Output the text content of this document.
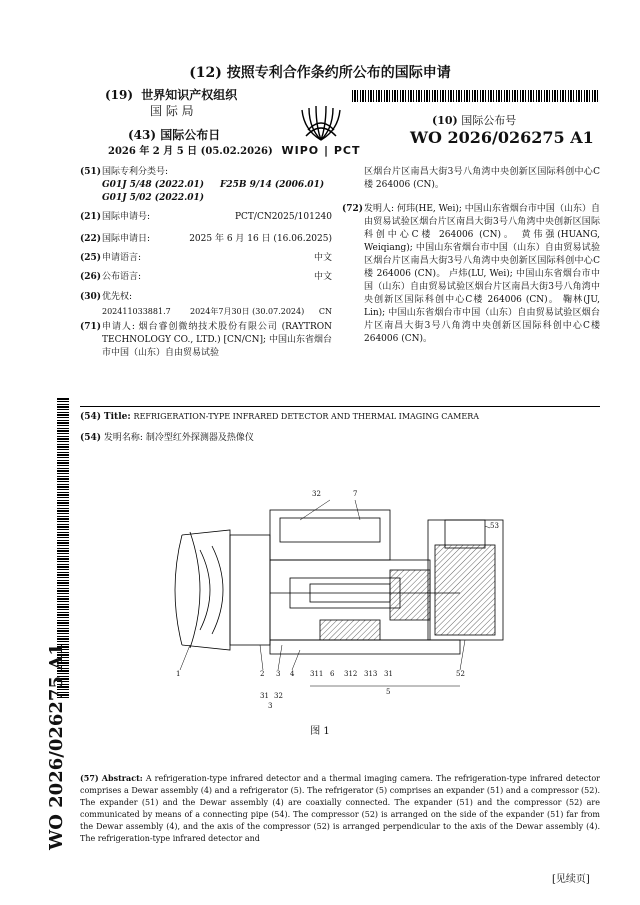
(12) 按照专利合作条约所公布的国际申请
(19) 世界知识产权组织
国 际 局
(43) 国际公布日
2026 年 2 月 5 日 (05.02.2026) WIPO | PCT
(10) 国际公布号
WO 2026/026275 A1
(51) 国际专利分类号:
G01J 5/48 (2022.01) F25B 9/14 (2006.01)
G01J 5/02 (2022.01)
(21) 国际申请号:	PCT/CN2025/101240
(22) 国际申请日:	2025 年 6 月 16 日 (16.06.2025)
(25) 申请语言:	中文
(26) 公布语言:	中文
(30) 优先权:
202411033881.7 2024年7月30日 (30.07.2024) CN
(71) 申请人: 烟台睿创微纳技术股份有限公司 (RAYTRON TECHNOLOGY CO., LTD.) [CN/CN]; 中国山东省烟台市中国（山东）自由贸易试验
区烟台片区南昌大街3号八角湾中央创新区国际科创中心C楼 264006 (CN)。
(72) 发明人: 何玮(HE, Wei); 中国山东省烟台市中国（山东）自由贸易试验区烟台片区南昌大街3号八角湾中央创新区国际科创中心C楼 264006 (CN)。 黄伟强(HUANG, Weiqiang); 中国山东省烟台市中国（山东）自由贸易试验区烟台片区南昌大街3号八角湾中央创新区国际科创中心C楼 264006 (CN)。 卢炜(LU, Wei); 中国山东省烟台市中国（山东）自由贸易试验区烟台片区南昌大街3号八角湾中央创新区国际科创中心C楼 264006 (CN)。 鞠林(JU, Lin); 中国山东省烟台市中国（山东）自由贸易试验区烟台片区南昌大街3号八角湾中央创新区国际科创中心C楼 264006 (CN)。
WO 2026/026275 A1
(54) Title: REFRIGERATION-TYPE INFRARED DETECTOR AND THERMAL IMAGING CAMERA
(54) 发明名称: 制冷型红外探测器及热像仪
32	7
53
1	2 3 4 311 6 312 313 31	52
5
31 32
3
图 1
(57) Abstract: A refrigeration-type infrared detector and a thermal imaging camera. The refrigeration-type infrared detector comprises a Dewar assembly (4) and a refrigerator (5). The refrigerator (5) comprises an expander (51) and a compressor (52). The expander (51) and the Dewar assembly (4) are coaxially connected. The expander (51) and the compressor (52) are communicated by means of a connecting pipe (54). The compressor (52) is arranged on the side of the expander (51) far from the Dewar assembly (4), and the axis of the compressor (52) is arranged perpendicular to the axis of the Dewar assembly (4). The refrigeration-type infrared detector and
[见续页]
